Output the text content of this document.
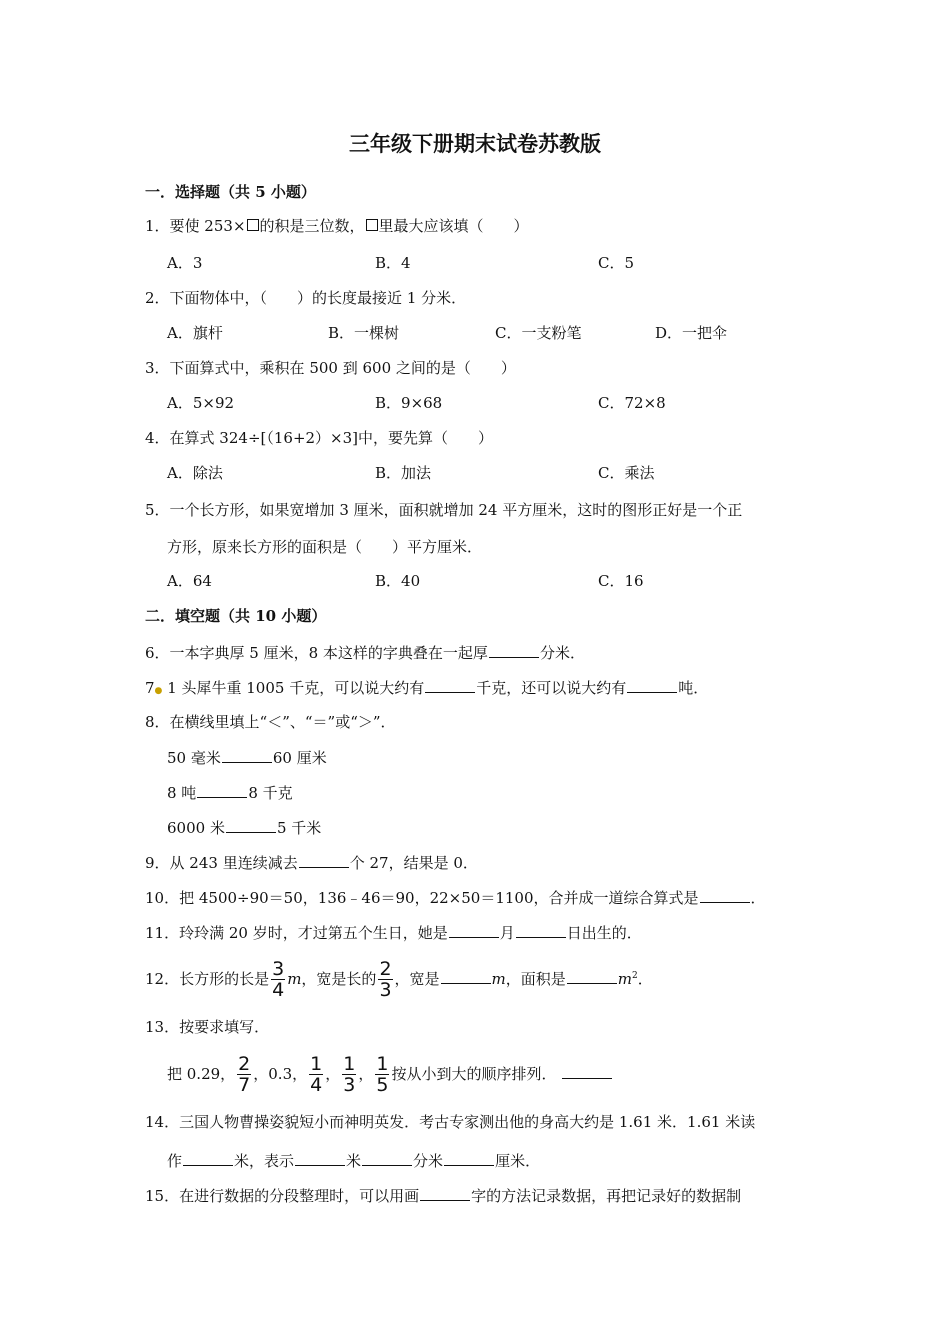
三年级下册期末试卷苏教版
一．选择题（共 5 小题）
1．要使 253× 的积是三位数， 里最大应该填（　　）
A．3	B．4	C．5
2．下面物体中，（　　）的长度最接近 1 分米．
A．旗杆	B．一棵树	C．一支粉笔	D．一把伞
3．下面算式中，乘积在 500 到 600 之间的是（　　）
A．5×92	B．9×68	C．72×8
4．在算式 324÷[（16+2）×3]中，要先算（　　）
A．除法	B．加法	C．乘法
5．一个长方形，如果宽增加 3 厘米，面积就增加 24 平方厘米，这时的图形正好是一个正
方形，原来长方形的面积是（　　）平方厘米．
A．64	B．40	C．16
二．填空题（共 10 小题）
6．一本字典厚 5 厘米，8 本这样的字典叠在一起厚	分米．
7● 1 头犀牛重 1005 千克，可以说大约有	千克，还可以说大约有	吨．
8．在横线里填上“＜”、“＝”或“＞”．
50 毫米	60 厘米
8 吨	8 千克
6000 米	5 千米
9．从 243 里连续减去	个 27，结果是 0．
10．把 4500÷90＝50，136﹣46＝90，22×50＝1100，合并成一道综合算式是	．
11．玲玲满 20 岁时，才过第五个生日，她是	月	日出生的．
12．长方形的长是 $\frac{3}{4}$ m，宽是长的 $\frac{2}{3}$ ，宽是	m，面积是	$m^2$．
13．按要求填写．
把 0.29， $\frac{2}{7}$ ，0.3， $\frac{1}{4}$ ， $\frac{1}{3}$ ， $\frac{1}{5}$ 按从小到大的顺序排列．
14．三国人物曹操姿貌短小而神明英发．考古专家测出他的身高大约是 1.61 米．1.61 米读
作	米，表示	米	分米	厘米．
15．在进行数据的分段整理时，可以用画	字的方法记录数据，再把记录好的数据制
